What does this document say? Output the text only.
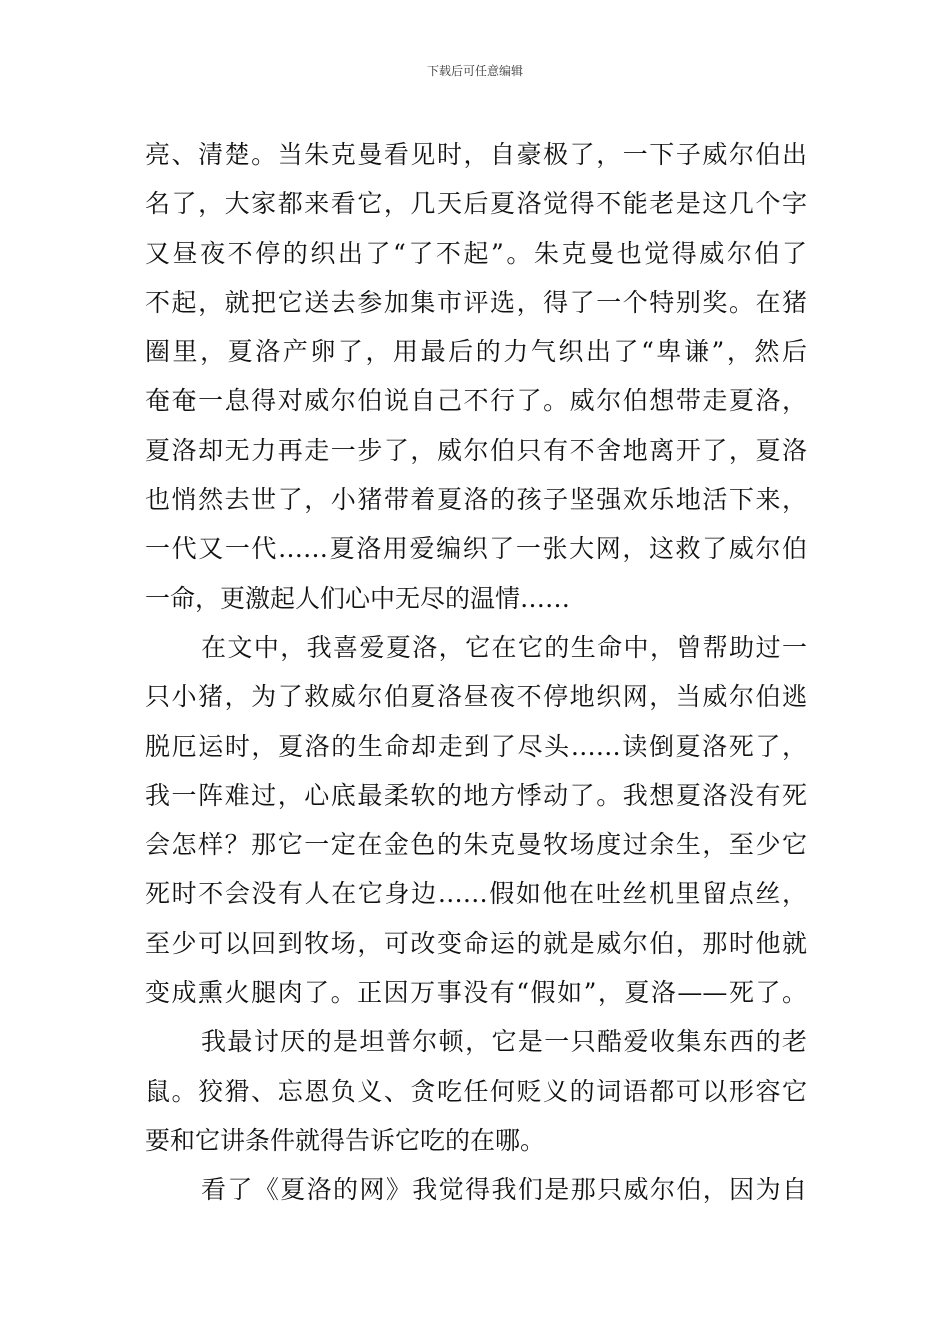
下载后可任意编辑
亮、清楚。当朱克曼看见时，自豪极了，一下子威尔伯出
名了，大家都来看它，几天后夏洛觉得不能老是这几个字
又昼夜不停的织出了“了不起”。朱克曼也觉得威尔伯了
不起，就把它送去参加集市评选，得了一个特别奖。在猪
圈里，夏洛产卵了，用最后的力气织出了“卑谦”，然后
奄奄一息得对威尔伯说自己不行了。威尔伯想带走夏洛，
夏洛却无力再走一步了，威尔伯只有不舍地离开了，夏洛
也悄然去世了，小猪带着夏洛的孩子坚强欢乐地活下来，
一代又一代……夏洛用爱编织了一张大网，这救了威尔伯
一命，更激起人们心中无尽的温情……
在文中，我喜爱夏洛，它在它的生命中，曾帮助过一
只小猪，为了救威尔伯夏洛昼夜不停地织网，当威尔伯逃
脱厄运时，夏洛的生命却走到了尽头……读倒夏洛死了，
我一阵难过，心底最柔软的地方悸动了。我想夏洛没有死
会怎样？那它一定在金色的朱克曼牧场度过余生，至少它
死时不会没有人在它身边……假如他在吐丝机里留点丝，
至少可以回到牧场，可改变命运的就是威尔伯，那时他就
变成熏火腿肉了。正因万事没有“假如”，夏洛——死了。
我最讨厌的是坦普尔顿，它是一只酷爱收集东西的老
鼠。狡猾、忘恩负义、贪吃任何贬义的词语都可以形容它
要和它讲条件就得告诉它吃的在哪。
看了《夏洛的网》我觉得我们是那只威尔伯，因为自
